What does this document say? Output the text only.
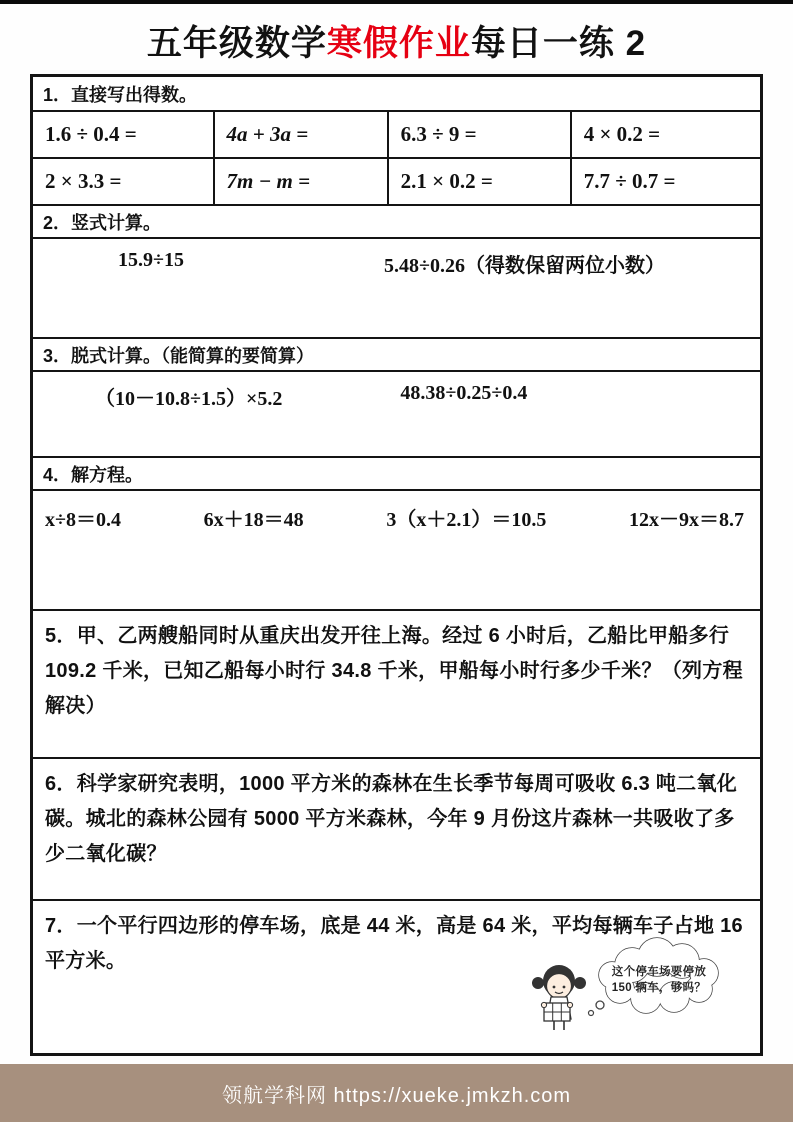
五年级数学寒假作业每日一练 2
1．直接写出得数。
1.6 ÷ 0.4 =	4a + 3a =	6.3 ÷ 9 =	4 × 0.2 =
2 × 3.3 =	7m − m =	2.1 × 0.2 =	7.7 ÷ 0.7 =
2．竖式计算。
15.9÷15	5.48÷0.26（得数保留两位小数）
3．脱式计算。（能简算的要简算）
（10－10.8÷1.5）×5.2	48.38÷0.25÷0.4
4．解方程。
x÷8＝0.4	6x＋18＝48	3（x＋2.1）＝10.5	12x－9x＝8.7
5．甲、乙两艘船同时从重庆出发开往上海。经过 6 小时后，乙船比甲船多行 109.2 千米，已知乙船每小时行 34.8 千米，甲船每小时行多少千米？（列方程解决）
6．科学家研究表明，1000 平方米的森林在生长季节每周可吸收 6.3 吨二氧化碳。城北的森林公园有 5000 平方米森林，今年 9 月份这片森林一共吸收了多少二氧化碳？
7．一个平行四边形的停车场，底是 44 米，高是 64 米，平均每辆车子占地 16 平方米。	这个停车场要停放
150 辆车，够吗？
领航学科网 https://xueke.jmkzh.com
